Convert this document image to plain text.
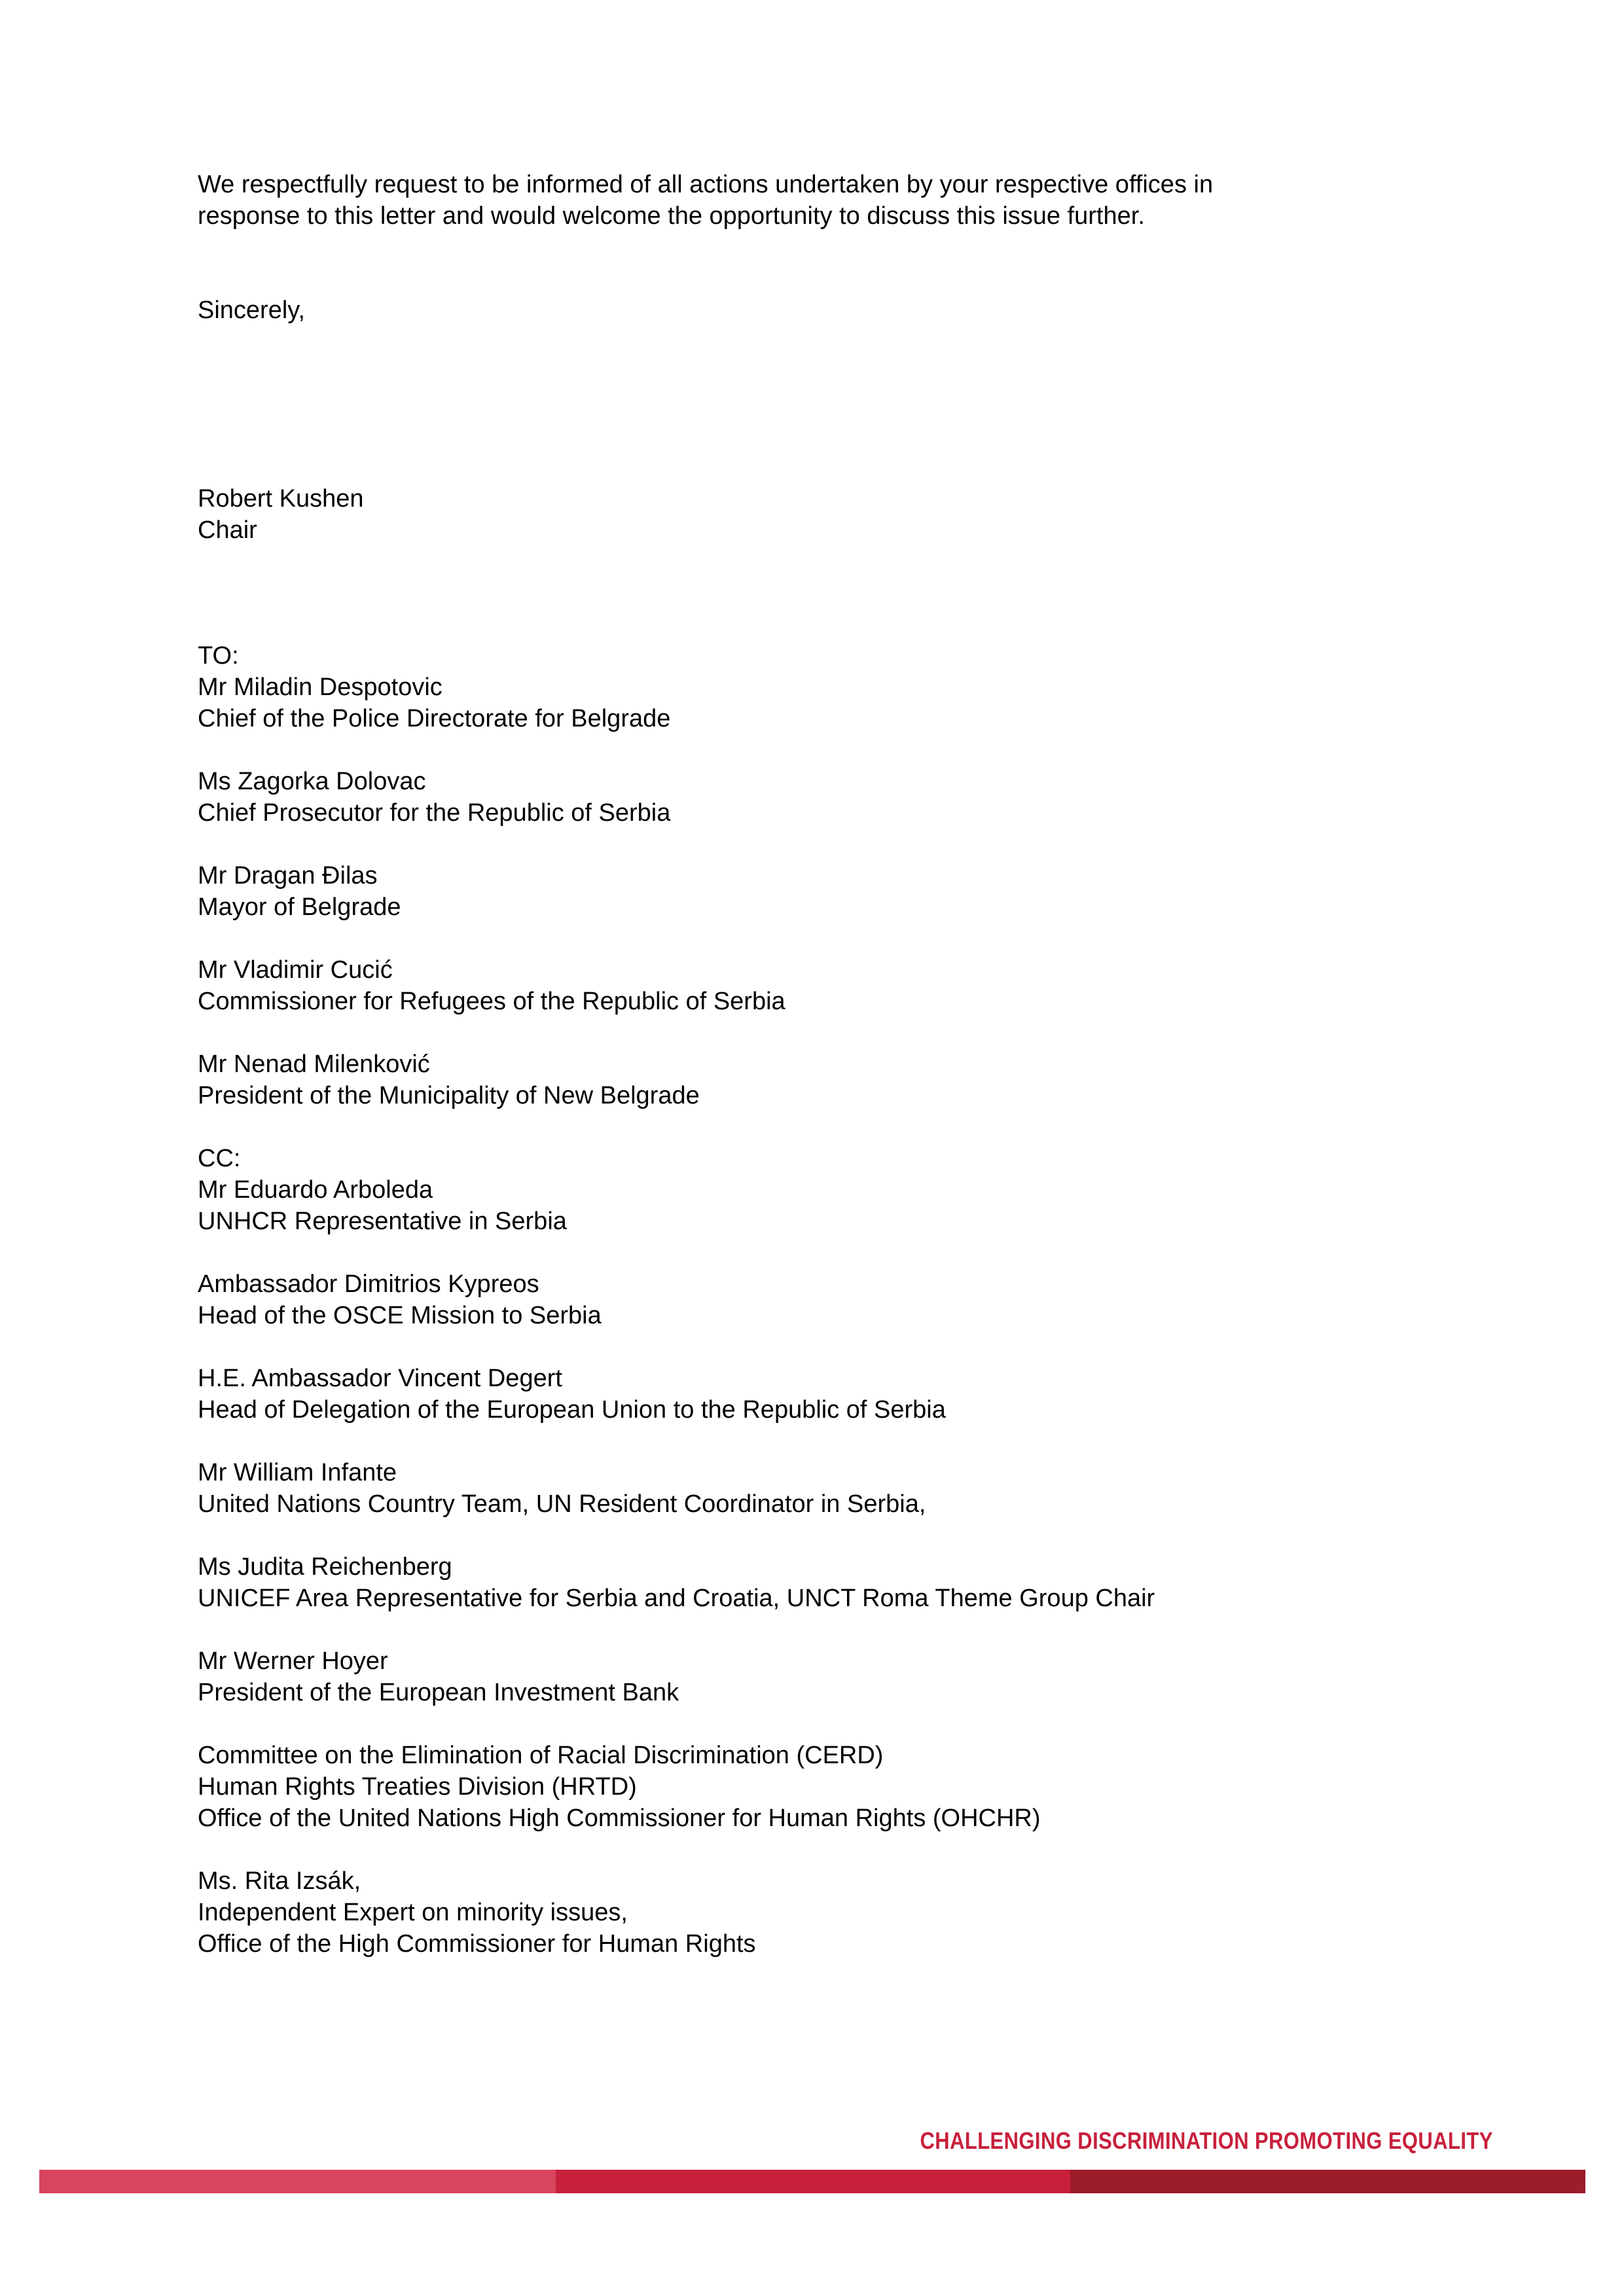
We respectfully request to be informed of all actions undertaken by your respective offices in
response to this letter and would welcome the opportunity to discuss this issue further.
Sincerely,
Robert Kushen
Chair
TO:
Mr Miladin Despotovic
Chief of the Police Directorate for Belgrade
Ms Zagorka Dolovac
Chief Prosecutor for the Republic of Serbia
Mr Dragan Đilas
Mayor of Belgrade
Mr Vladimir Cucić
Commissioner for Refugees of the Republic of Serbia
Mr Nenad Milenković
President of the Municipality of New Belgrade
CC:
Mr Eduardo Arboleda
UNHCR Representative in Serbia
Ambassador Dimitrios Kypreos
Head of the OSCE Mission to Serbia
H.E. Ambassador Vincent Degert
Head of Delegation of the European Union to the Republic of Serbia
Mr William Infante
United Nations Country Team, UN Resident Coordinator in Serbia,
Ms Judita Reichenberg
UNICEF Area Representative for Serbia and Croatia, UNCT Roma Theme Group Chair
Mr Werner Hoyer
President of the European Investment Bank
Committee on the Elimination of Racial Discrimination (CERD)
Human Rights Treaties Division (HRTD)
Office of the United Nations High Commissioner for Human Rights (OHCHR)
Ms. Rita Izsák,
Independent Expert on minority issues,
Office of the High Commissioner for Human Rights
CHALLENGING DISCRIMINATION PROMOTING EQUALITY
